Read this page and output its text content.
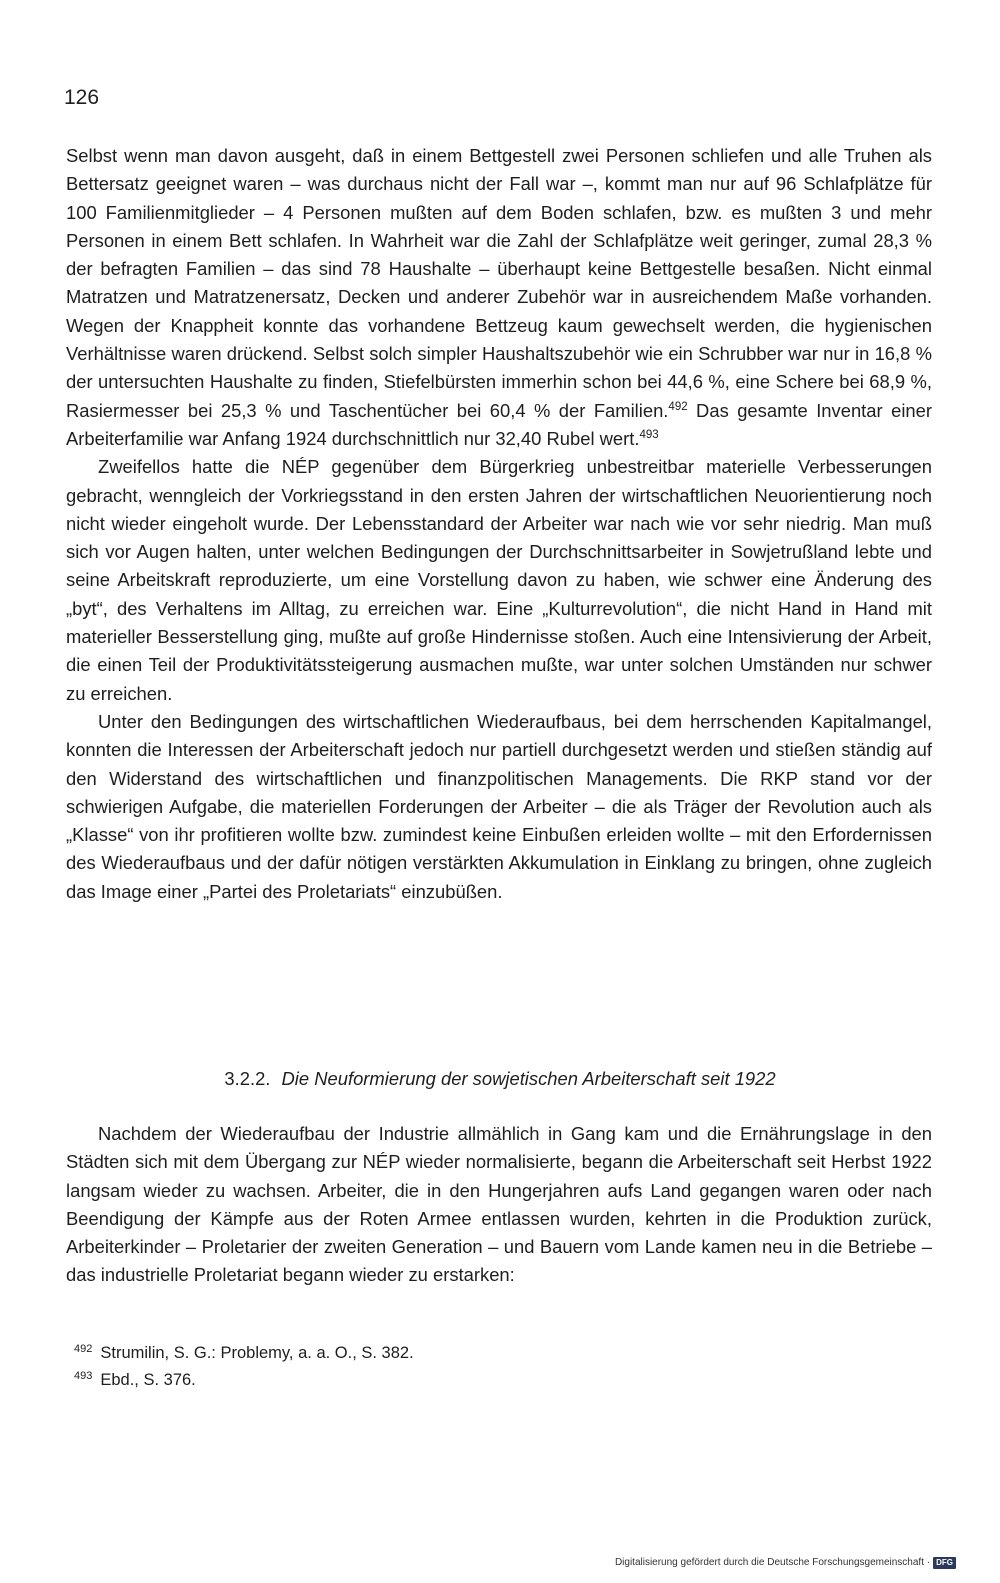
126

Selbst wenn man davon ausgeht, daß in einem Bettgestell zwei Personen schliefen und alle Truhen als Bettersatz geeignet waren – was durchaus nicht der Fall war –, kommt man nur auf 96 Schlafplätze für 100 Familienmitglieder – 4 Personen mußten auf dem Boden schlafen, bzw. es mußten 3 und mehr Personen in einem Bett schlafen. In Wahrheit war die Zahl der Schlafplätze weit geringer, zumal 28,3 % der befragten Familien – das sind 78 Haushalte – überhaupt keine Bettgestelle besaßen. Nicht einmal Matratzen und Matratzenersatz, Decken und anderer Zubehör war in ausreichendem Maße vorhanden. Wegen der Knappheit konnte das vorhandene Bettzeug kaum gewechselt werden, die hygienischen Verhältnisse waren drückend. Selbst solch simpler Haushaltszubehör wie ein Schrubber war nur in 16,8 % der untersuchten Haushalte zu finden, Stiefelbürsten immerhin schon bei 44,6 %, eine Schere bei 68,9 %, Rasiermesser bei 25,3 % und Taschentücher bei 60,4 % der Familien.$^{492}$ Das gesamte Inventar einer Arbeiterfamilie war Anfang 1924 durchschnittlich nur 32,40 Rubel wert.$^{493}$

Zweifellos hatte die NÉP gegenüber dem Bürgerkrieg unbestreitbar materielle Verbesserungen gebracht, wenngleich der Vorkriegsstand in den ersten Jahren der wirtschaftlichen Neuorientierung noch nicht wieder eingeholt wurde. Der Lebensstandard der Arbeiter war nach wie vor sehr niedrig. Man muß sich vor Augen halten, unter welchen Bedingungen der Durchschnittsarbeiter in Sowjetrußland lebte und seine Arbeitskraft reproduzierte, um eine Vorstellung davon zu haben, wie schwer eine Änderung des „byt“, des Verhaltens im Alltag, zu erreichen war. Eine „Kulturrevolution“, die nicht Hand in Hand mit materieller Besserstellung ging, mußte auf große Hindernisse stoßen. Auch eine Intensivierung der Arbeit, die einen Teil der Produktivitätssteigerung ausmachen mußte, war unter solchen Umständen nur schwer zu erreichen.

Unter den Bedingungen des wirtschaftlichen Wiederaufbaus, bei dem herrschenden Kapitalmangel, konnten die Interessen der Arbeiterschaft jedoch nur partiell durchgesetzt werden und stießen ständig auf den Widerstand des wirtschaftlichen und finanzpolitischen Managements. Die RKP stand vor der schwierigen Aufgabe, die materiellen Forderungen der Arbeiter – die als Träger der Revolution auch als „Klasse“ von ihr profitieren wollte bzw. zumindest keine Einbußen erleiden wollte – mit den Erfordernissen des Wiederaufbaus und der dafür nötigen verstärkten Akkumulation in Einklang zu bringen, ohne zugleich das Image einer „Partei des Proletariats“ einzubüßen.

3.2.2. Die Neuformierung der sowjetischen Arbeiterschaft seit 1922

Nachdem der Wiederaufbau der Industrie allmählich in Gang kam und die Ernährungslage in den Städten sich mit dem Übergang zur NÉP wieder normalisierte, begann die Arbeiterschaft seit Herbst 1922 langsam wieder zu wachsen. Arbeiter, die in den Hungerjahren aufs Land gegangen waren oder nach Beendigung der Kämpfe aus der Roten Armee entlassen wurden, kehrten in die Produktion zurück, Arbeiterkinder – Proletarier der zweiten Generation – und Bauern vom Lande kamen neu in die Betriebe – das industrielle Proletariat begann wieder zu erstarken:

$^{492}$ Strumilin, S. G.: Problemy, a. a. O., S. 382.
$^{493}$ Ebd., S. 376.
Digitalisierung gefördert durch die Deutsche Forschungsgemeinschaft · DFG
